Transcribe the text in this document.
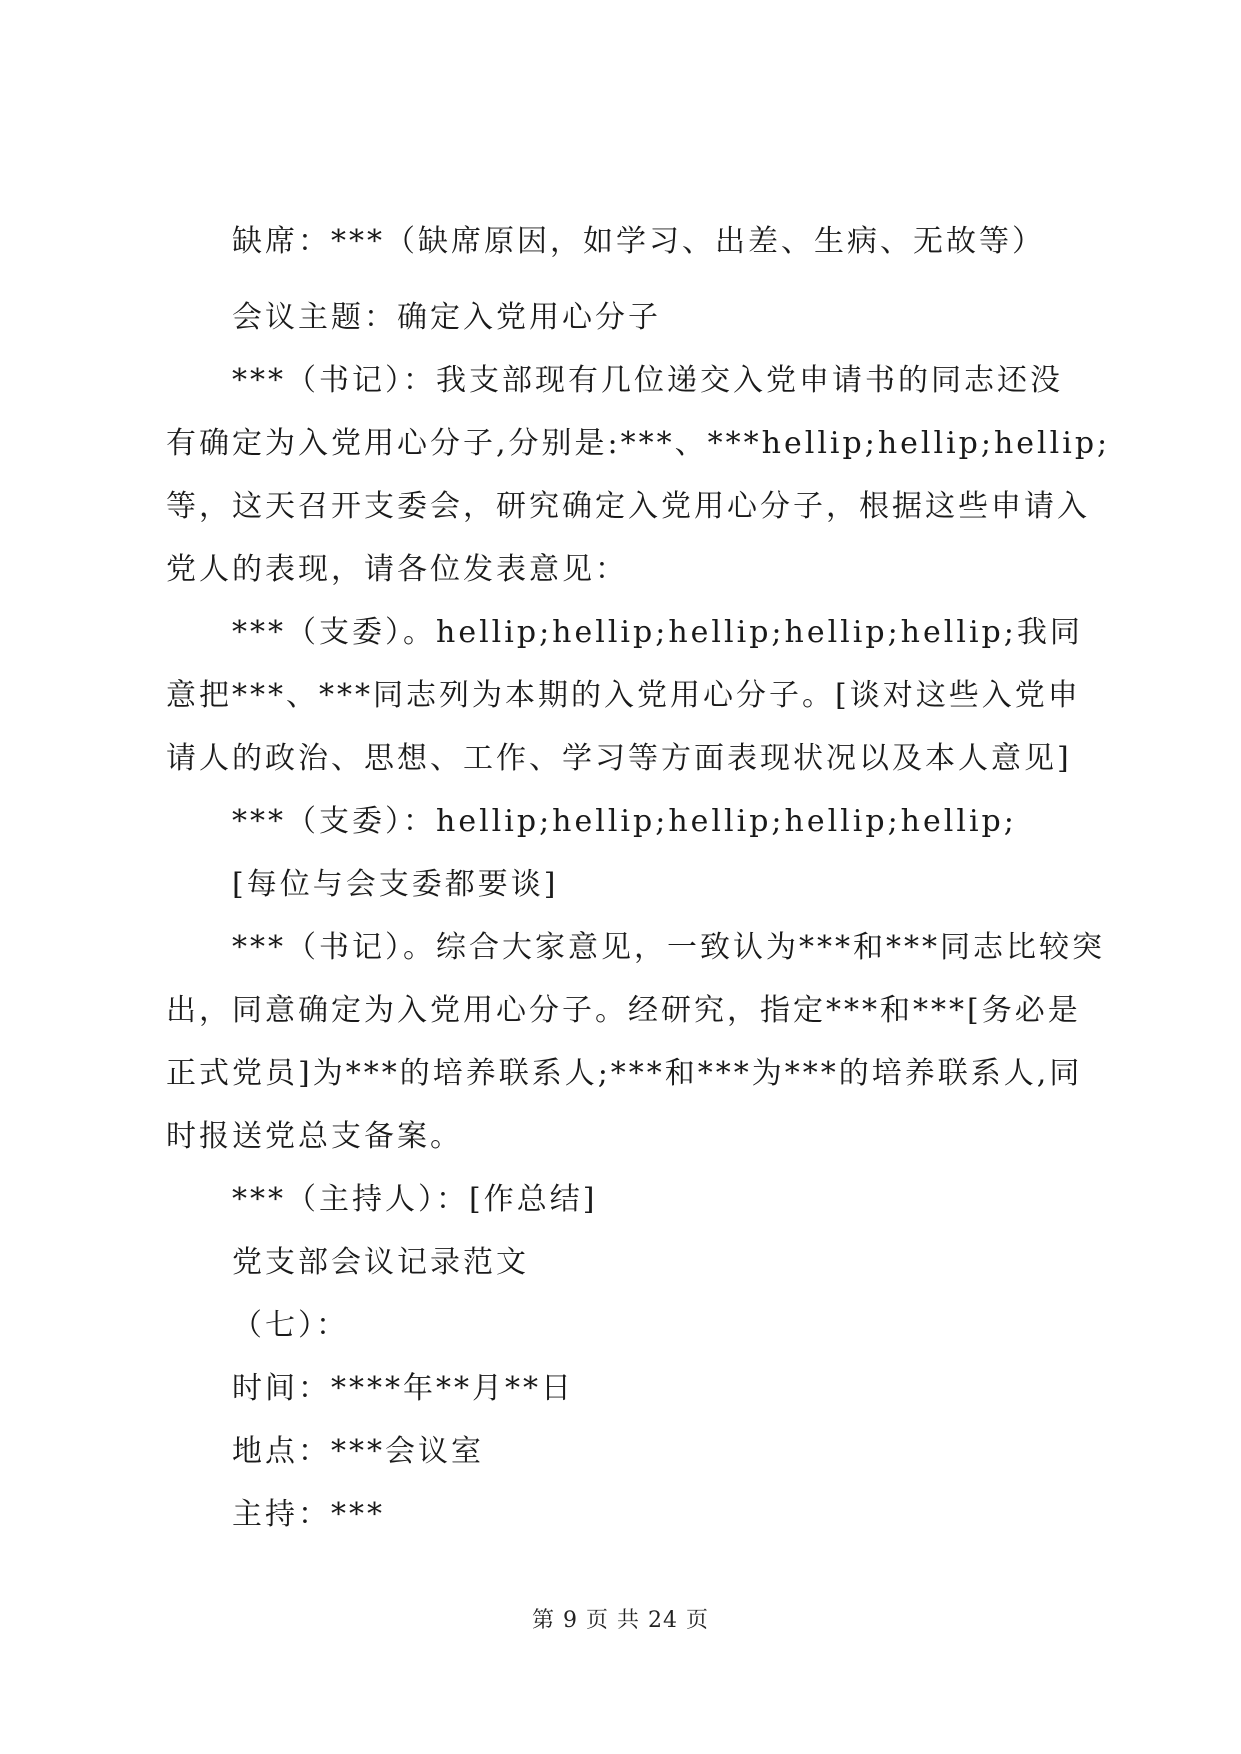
缺席：***（缺席原因，如学习、出差、生病、无故等）
会议主题：确定入党用心分子
***（书记）：我支部现有几位递交入党申请书的同志还没
有确定为入党用心分子,分别是:***、***hellip;hellip;hellip;
等，这天召开支委会，研究确定入党用心分子，根据这些申请入
党人的表现，请各位发表意见：
***（支委）。hellip;hellip;hellip;hellip;hellip;我同
意把***、***同志列为本期的入党用心分子。[谈对这些入党申
请人的政治、思想、工作、学习等方面表现状况以及本人意见]
***（支委）：hellip;hellip;hellip;hellip;hellip;
[每位与会支委都要谈]
***（书记）。综合大家意见，一致认为***和***同志比较突
出，同意确定为入党用心分子。经研究，指定***和***[务必是
正式党员]为***的培养联系人;***和***为***的培养联系人,同
时报送党总支备案。
***（主持人）：[作总结]
党支部会议记录范文
（七）：
时间：****年**月**日
地点：***会议室
主持：***
第 9 页 共 24 页
